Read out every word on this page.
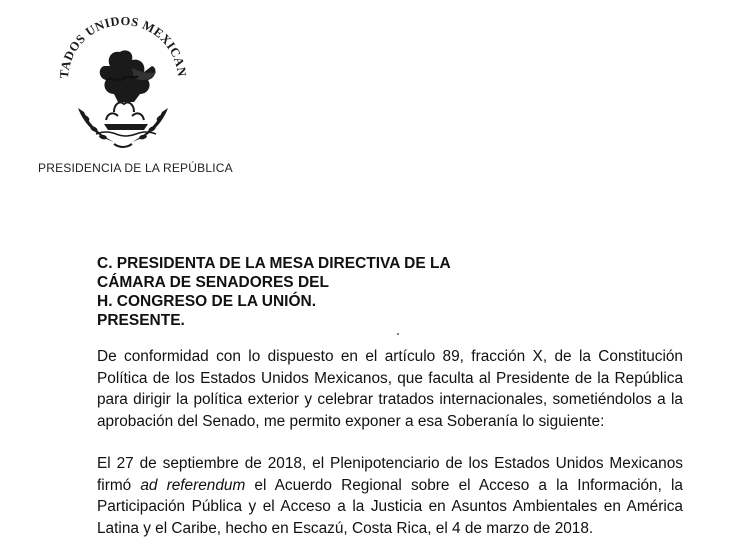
TADOS UNIDOS MEXICAN
PRESIDENCIA DE LA REPÚBLICA
C. PRESIDENTA DE LA MESA DIRECTIVA DE LA
CÁMARA DE SENADORES DEL
H. CONGRESO DE LA UNIÓN.
PRESENTE.
De conformidad con lo dispuesto en el artículo 89, fracción X, de la Constitución Política de los Estados Unidos Mexicanos, que faculta al Presidente de la República para dirigir la política exterior y celebrar tratados internacionales, sometiéndolos a la aprobación del Senado, me permito exponer a esa Soberanía lo siguiente:
El 27 de septiembre de 2018, el Plenipotenciario de los Estados Unidos Mexicanos firmó ad referendum el Acuerdo Regional sobre el Acceso a la Información, la Participación Pública y el Acceso a la Justicia en Asuntos Ambientales en América Latina y el Caribe, hecho en Escazú, Costa Rica, el 4 de marzo de 2018.
